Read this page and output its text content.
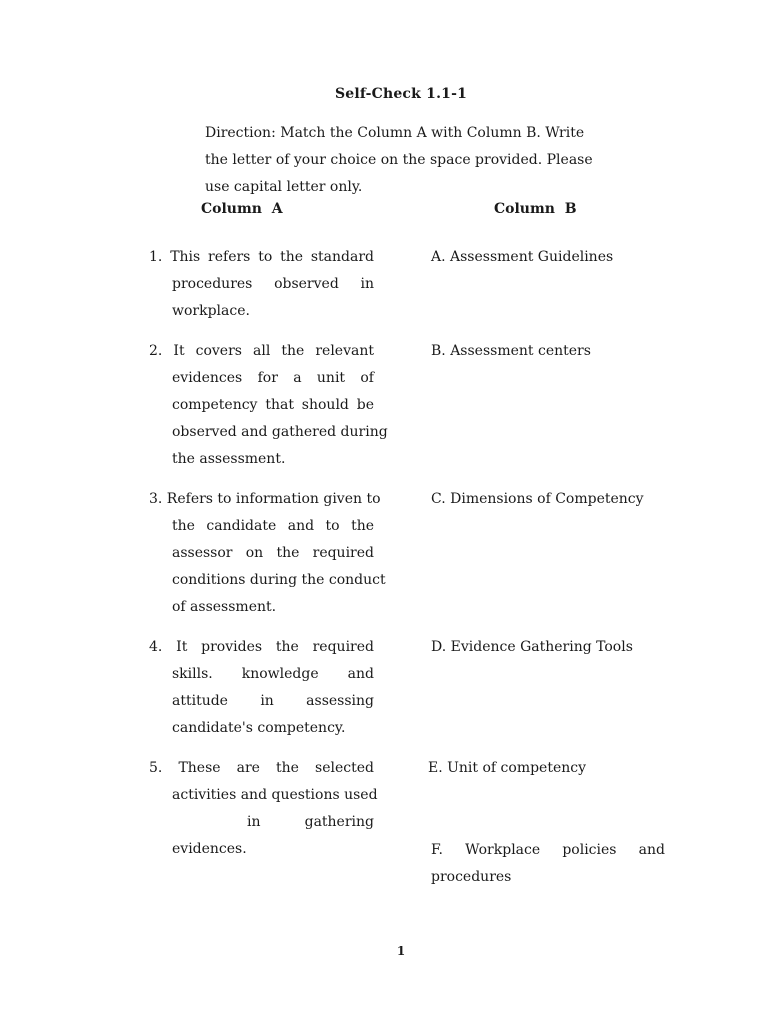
Self-Check 1.1-1
Direction: Match the Column A with Column B. Write
the letter of your choice on the space provided. Please
use capital letter only.
Column  A	Column  B
1. This refers to the standard
procedures observed in
workplace.
2. It covers all the relevant
evidences for a unit of
competency that should be
observed and gathered during
the assessment.
3. Refers to information given to
the candidate and to the
assessor on the required
conditions during the conduct
of assessment.
4. It provides the required
skills. knowledge and
attitude in assessing
candidate's competency.
5. These are the selected
activities and questions used
in gathering
evidences.
A. Assessment Guidelines
B. Assessment centers
C. Dimensions of Competency
D. Evidence Gathering Tools
E. Unit of competency
F. Workplace policies and
procedures
1
